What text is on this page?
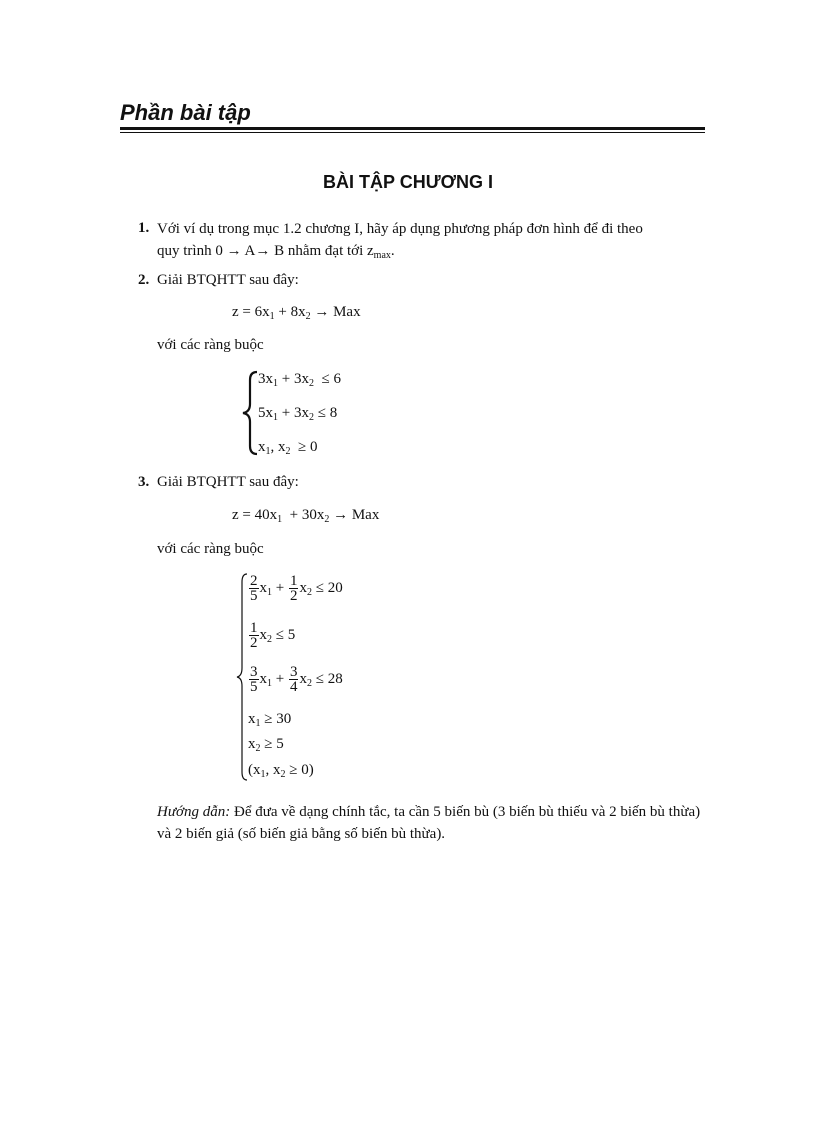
Phần bài tập
BÀI TẬP CHƯƠNG I
1. Với ví dụ trong mục 1.2 chương I, hãy áp dụng phương pháp đơn hình để đi theo
quy trình 0 → A→ B nhằm đạt tới $z_{max}$.
2. Giải BTQHTT sau đây:
$z = 6x_1 + 8x_2$ → Max
với các ràng buộc
$3x_1 + 3x_2 \le 6$
$5x_1 + 3x_2 \le 8$
$x_1$, $x_2 \ge 0$
3. Giải BTQHTT sau đây:
$z = 40x_1 + 30x_2$ → Max
với các ràng buộc
$\frac{2}{5} x_1 + \frac{1}{2} x_2 \le 20$
$\frac{1}{2} x_2 \le 5$
$\frac{3}{5} x_1 + \frac{3}{4} x_2 \le 28$
$x_1 \ge 30$
$x_2 \ge 5$
($x_1$, $x_2 \ge 0$)
Hướng dẫn: Để đưa về dạng chính tắc, ta cần 5 biến bù (3 biến bù thiếu và 2 biến bù thừa) và 2 biến giả (số biến giả bằng số biến bù thừa).
